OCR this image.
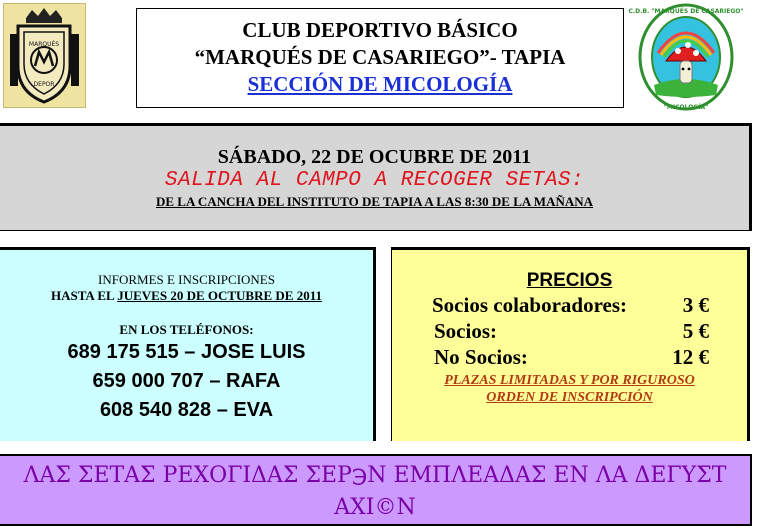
MARQUÉS
DEPOR
CLUB DEPORTIVO BÁSICO
“MARQUÉS DE CASARIEGO”- TAPIA
SECCIÓN DE MICOLOGÍA
C.D.B. "MARQUÉS DE CASARIEGO"
"MICOLOGÍA"
SÁBADO, 22 DE OCUBRE DE 2011
SALIDA AL CAMPO A RECOGER SETAS:
DE LA CANCHA DEL INSTITUTO DE TAPIA A LAS 8:30 DE LA MAÑANA
INFORMES E INSCRIPCIONES
HASTA EL JUEVES 20 DE OCTUBRE DE 2011
EN LOS TELÉFONOS:
689 175 515 – JOSE LUIS
659 000 707 – RAFA
608 540 828 – EVA
PRECIOS
Socios colaboradores:	3 €
Socios:	5 €
No Socios:	12 €
PLAZAS LIMITADAS Y POR RIGUROSO
ORDEN DE INSCRIPCIÓN
ΛΑΣ ΣΕΤΑΣ ΡΕΧΟΓΙΔΑΣ ΣΕΡ℈Ν ΕΜΠΛΕΑΔΑΣ ΕΝ ΛΑ ΔΕΓΥΣΤ ΑΧΙ©Ν
